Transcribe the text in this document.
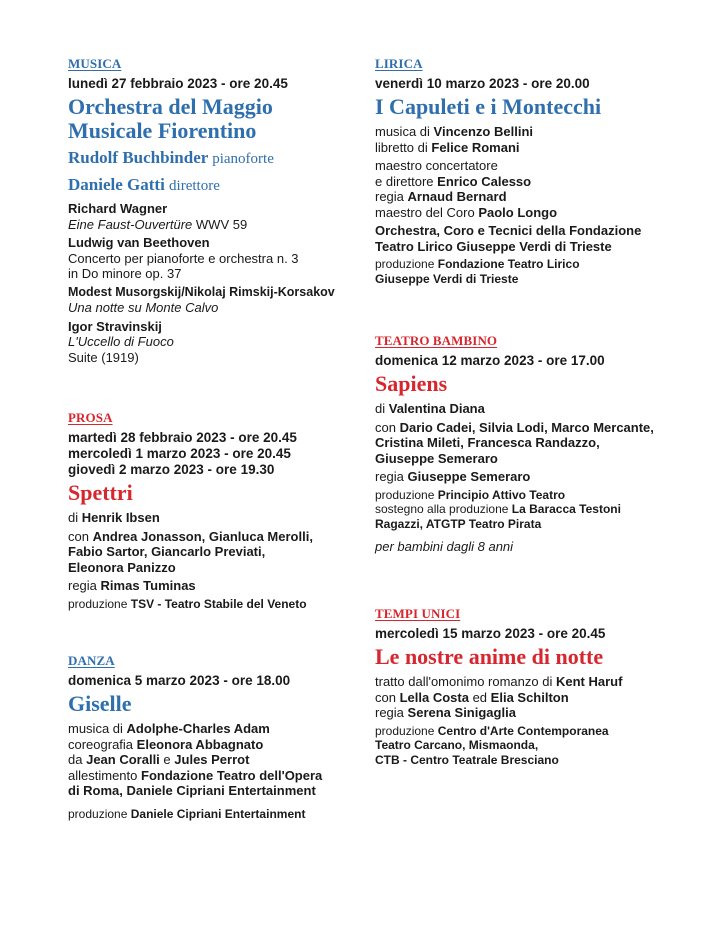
MUSICA

lunedì 27 febbraio 2023 - ore 20.45

Orchestra del Maggio Musicale Fiorentino

Rudolf Buchbinder pianoforte

Daniele Gatti direttore

Richard Wagner
Eine Faust-Ouvertüre WWV 59
Ludwig van Beethoven
Concerto per pianoforte e orchestra n. 3
in Do minore op. 37
Modest Musorgskij/Nikolaj Rimskij-Korsakov
Una notte su Monte Calvo
Igor Stravinskij
L'Uccello di Fuoco
Suite (1919)

PROSA

martedì 28 febbraio 2023 - ore 20.45

mercoledì 1 marzo 2023 - ore 20.45

giovedì 2 marzo 2023 - ore 19.30

Spettri

di Henrik Ibsen

con Andrea Jonasson, Gianluca Merolli,
Fabio Sartor, Giancarlo Previati,
Eleonora Panizzo

regia Rimas Tuminas

produzione TSV - Teatro Stabile del Veneto

DANZA

domenica 5 marzo 2023 - ore 18.00

Giselle

musica di Adolphe-Charles Adam
coreografia Eleonora Abbagnato
da Jean Coralli e Jules Perrot

allestimento Fondazione Teatro dell'Opera
di Roma, Daniele Cipriani Entertainment

produzione Daniele Cipriani Entertainment

LIRICA

venerdì 10 marzo 2023 - ore 20.00

I Capuleti e i Montecchi

musica di Vincenzo Bellini
libretto di Felice Romani

maestro concertatore
e direttore Enrico Calesso
regia Arnaud Bernard
maestro del Coro Paolo Longo

Orchestra, Coro e Tecnici della Fondazione
Teatro Lirico Giuseppe Verdi di Trieste

produzione Fondazione Teatro Lirico
Giuseppe Verdi di Trieste

TEATRO BAMBINO

domenica 12 marzo 2023 - ore 17.00

Sapiens

di Valentina Diana

con Dario Cadei, Silvia Lodi, Marco Mercante,
Cristina Mileti, Francesca Randazzo,
Giuseppe Semeraro

regia Giuseppe Semeraro

produzione Principio Attivo Teatro
sostegno alla produzione La Baracca Testoni
Ragazzi, ATGTP Teatro Pirata

per bambini dagli 8 anni

TEMPI UNICI

mercoledì 15 marzo 2023 - ore 20.45

Le nostre anime di notte

tratto dall'omonimo romanzo di Kent Haruf
con Lella Costa ed Elia Schilton
regia Serena Sinigaglia

produzione Centro d'Arte Contemporanea
Teatro Carcano, Mismaonda,
CTB - Centro Teatrale Bresciano
